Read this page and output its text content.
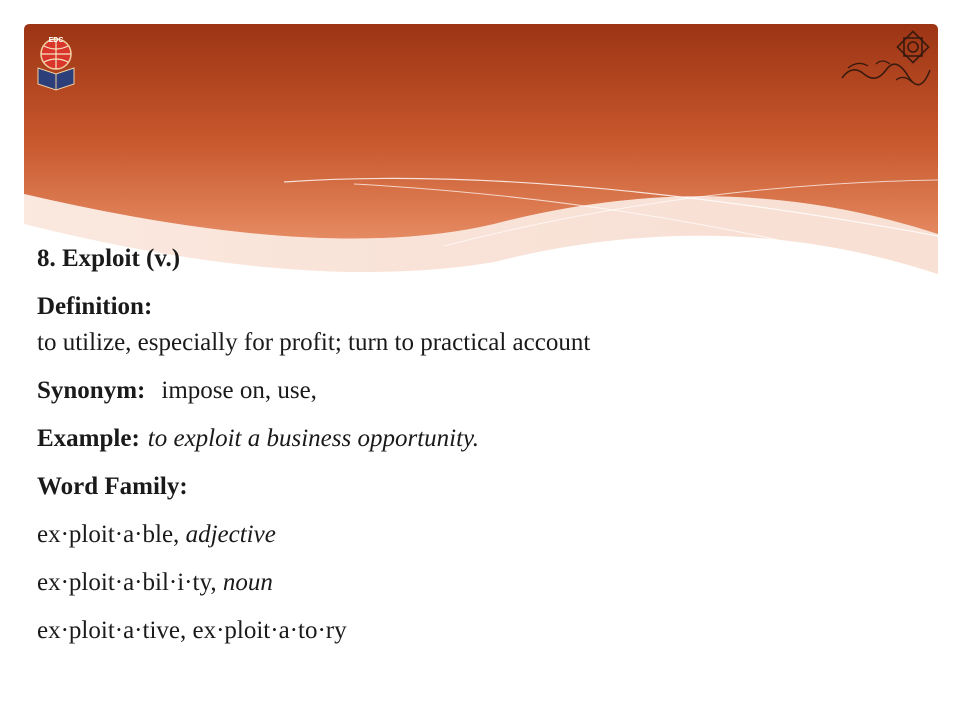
EDC
8. Exploit (v.)
Definition:
to utilize, especially for profit; turn to practical account
Synonym: impose on, use,
Example: to exploit a business opportunity.
Word Family:
ex·ploit·a·ble, adjective
ex·ploit·a·bil·i·ty, noun
ex·ploit·a·tive, ex·ploit·a·to·ry
